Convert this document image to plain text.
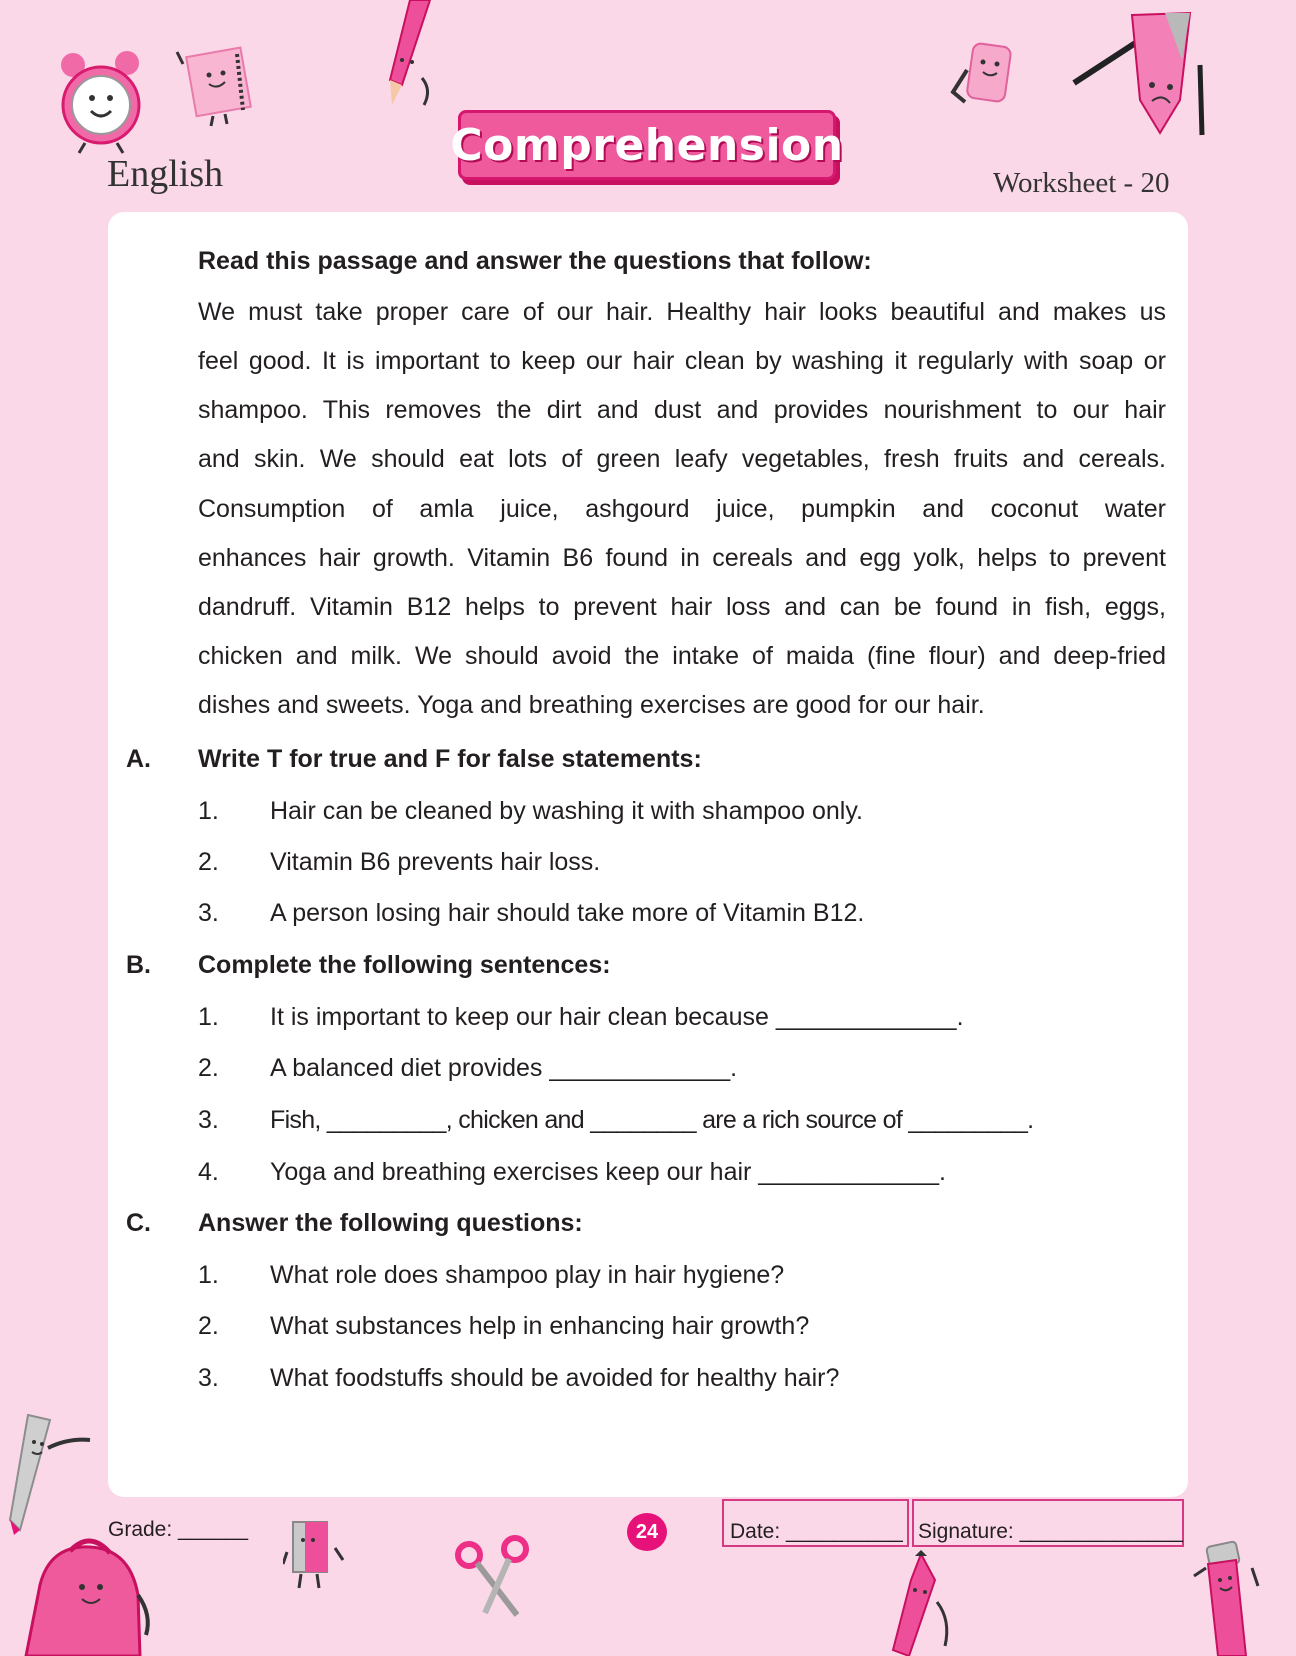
English
Comprehension
Worksheet - 20
Read this passage and answer the questions that follow:
We must take proper care of our hair. Healthy hair looks beautiful and makes us
feel good. It is important to keep our hair clean by washing it regularly with soap or
shampoo. This removes the dirt and dust and provides nourishment to our hair
and skin. We should eat lots of green leafy vegetables, fresh fruits and cereals.
Consumption of amla juice, ashgourd juice, pumpkin and coconut water
enhances hair growth. Vitamin B6 found in cereals and egg yolk, helps to prevent
dandruff. Vitamin B12 helps to prevent hair loss and can be found in fish, eggs,
chicken and milk. We should avoid the intake of maida (fine flour) and deep-fried
dishes and sweets. Yoga and breathing exercises are good for our hair.
A. Write T for true and F for false statements:
1. Hair can be cleaned by washing it with shampoo only.
2. Vitamin B6 prevents hair loss.
3. A person losing hair should take more of Vitamin B12.
B. Complete the following sentences:
1. It is important to keep our hair clean because _____________.
2. A balanced diet provides _____________.
3. Fish, _________, chicken and ________ are a rich source of _________.
4. Yoga and breathing exercises keep our hair _____________.
C. Answer the following questions:
1. What role does shampoo play in hair hygiene?
2. What substances help in enhancing hair growth?
3. What foodstuffs should be avoided for healthy hair?
Grade: ______	24	Date: __________ Signature: ______________
